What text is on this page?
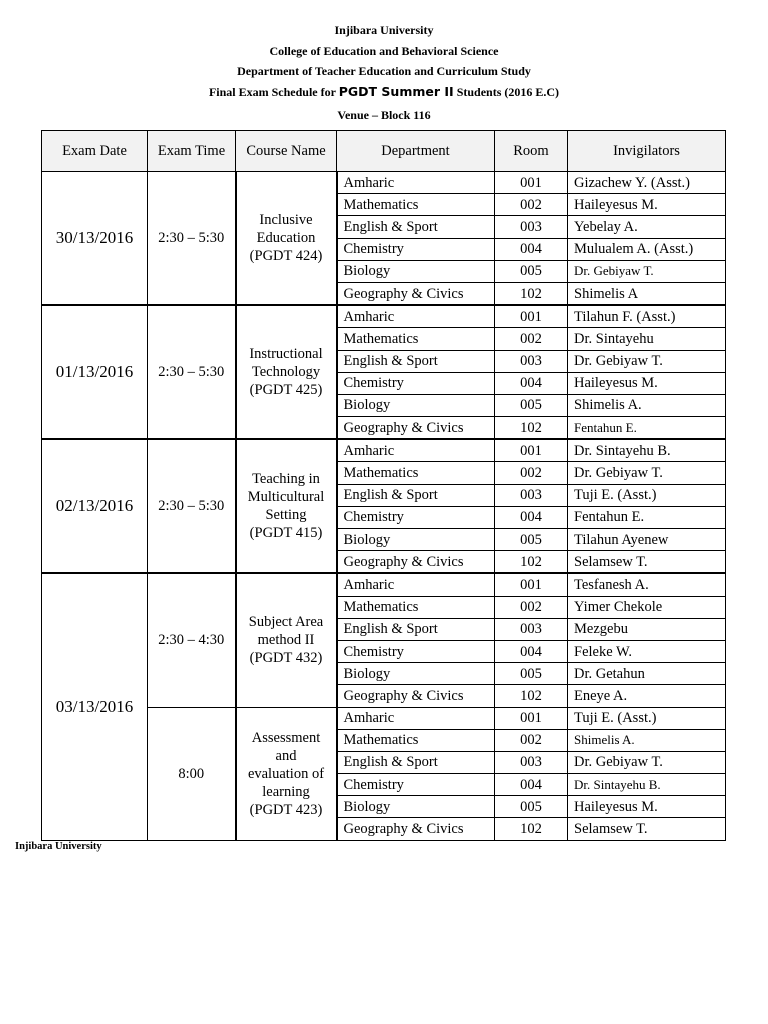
Injibara University
College of Education and Behavioral Science
Department of Teacher Education and Curriculum Study
Final Exam Schedule for PGDT Summer II Students (2016 E.C)
Venue – Block 116
Exam Date	Exam Time	Course Name	Department	Room	Invigilators
30/13/2016	2:30 – 5:30	Inclusive
Education
(PGDT 424)	Amharic	001	Gizachew Y. (Asst.)
			Mathematics	002	Haileyesus M.
			English & Sport	003	Yebelay A.
			Chemistry	004	Mulualem A. (Asst.)
			Biology	005	Dr. Gebiyaw T.
			Geography & Civics	102	Shimelis A
01/13/2016	2:30 – 5:30	Instructional
Technology
(PGDT 425)	Amharic	001	Tilahun F. (Asst.)
			Mathematics	002	Dr. Sintayehu
			English & Sport	003	Dr. Gebiyaw T.
			Chemistry	004	Haileyesus M.
			Biology	005	Shimelis A.
			Geography & Civics	102	Fentahun E.
02/13/2016	2:30 – 5:30	Teaching in
Multicultural
Setting
(PGDT 415)	Amharic	001	Dr. Sintayehu B.
			Mathematics	002	Dr. Gebiyaw T.
			English & Sport	003	Tuji E. (Asst.)
			Chemistry	004	Fentahun E.
			Biology	005	Tilahun Ayenew
			Geography & Civics	102	Selamsew T.
03/13/2016	2:30 – 4:30	Subject Area
method II
(PGDT 432)	Amharic	001	Tesfanesh A.
			Mathematics	002	Yimer Chekole
			English & Sport	003	Mezgebu
			Chemistry	004	Feleke W.
			Biology	005	Dr. Getahun
			Geography & Civics	102	Eneye A.
	8:00	Assessment
and
evaluation of
learning
(PGDT 423)	Amharic	001	Tuji E. (Asst.)
			Mathematics	002	Shimelis A.
			English & Sport	003	Dr. Gebiyaw T.
			Chemistry	004	Dr. Sintayehu B.
			Biology	005	Haileyesus M.
			Geography & Civics	102	Selamsew T.
Injibara University
